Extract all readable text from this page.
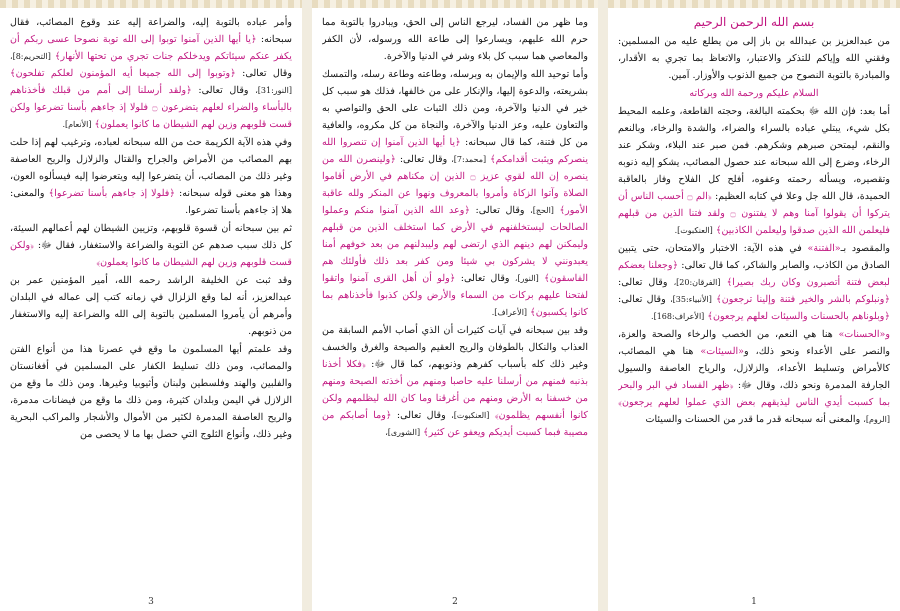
وأمر عباده بالتوبة إليه، والضراعة إليه عند وقوع المصائب، فقال سبحانه: ﴿يا أيها الذين آمنوا توبوا إلى الله توبة نصوحا عسى ربكم أن يكفر عنكم سيئاتكم ويدخلكم جنات تجري من تحتها الأنهار﴾ [التحريم:8]، وقال تعالى: ﴿وتوبوا إلى الله جميعا أيه المؤمنون لعلكم تفلحون﴾ [النور:31]، وقال تعالى: ﴿ولقد أرسلنا إلى أمم من قبلك فأخذناهم بالبأساء والضراء لعلهم يتضرعون ۝ فلولا إذ جاءهم بأسنا تضرعوا ولكن قست قلوبهم وزين لهم الشيطان ما كانوا يعملون﴾ [الأنعام].

وفي هذه الآية الكريمة حث من الله سبحانه لعباده، وترغيب لهم إذا حلت بهم المصائب من الأمراض والجراح والقتال والزلازل والريح العاصفة وغير ذلك من المصائب، أن يتضرعوا إليه ويتعرضوا إليه فيسألوه العون، وهذا هو معنى قوله سبحانه: ﴿فلولا إذ جاءهم بأسنا تضرعوا﴾ والمعنى: هلا إذ جاءهم بأسنا تضرعوا.

ثم بين سبحانه أن قسوة قلوبهم، وتزيين الشيطان لهم أعمالهم السيئة، كل ذلك سبب صدهم عن التوبة والضراعة والاستغفار، فقال ﷻ: ﴿ولكن قست قلوبهم وزين لهم الشيطان ما كانوا يعملون﴾

وقد ثبت عن الخليفة الراشد رحمه الله، أمير المؤمنين عمر بن عبدالعزيز، أنه لما وقع الزلزال في زمانه كتب إلى عماله في البلدان وأمرهم أن يأمروا المسلمين بالتوبة إلى الله والضراعة إليه والاستغفار من ذنوبهم.

وقد علمتم أيها المسلمون ما وقع في عصرنا هذا من أنواع الفتن والمصائب، ومن ذلك تسليط الكفار على المسلمين في أفغانستان والفلبين والهند وفلسطين ولبنان وأثيوبيا وغيرها. ومن ذلك ما وقع من الزلازل في اليمن وبلدان كثيرة، ومن ذلك ما وقع من فيضانات مدمرة، والريح العاصفة المدمرة لكثير من الأموال والأشجار والمراكب البحرية وغير ذلك، وأنواع الثلوج التي حصل بها ما لا يحصى من

3

وما ظهر من الفساد، ليرجع الناس إلى الحق، ويبادروا بالتوبة مما حرم الله عليهم، ويسارعوا إلى طاعة الله ورسوله، لأن الكفر والمعاصي هما سبب كل بلاء وشر في الدنيا والآخرة.

وأما توحيد الله والإيمان به وبرسله، وطاعته وطاعة رسله، والتمسك بشريعته، والدعوة إليها، والإنكار على من خالفها، فذلك هو سبب كل خير في الدنيا والآخرة، ومن ذلك الثبات على الحق والتواصي به والتعاون عليه، وعز الدنيا والآخرة، والنجاة من كل مكروه، والعافية من كل فتنة، كما قال سبحانه: ﴿يا أيها الذين آمنوا إن تنصروا الله ينصركم ويثبت أقدامكم﴾ [محمد:7]، وقال تعالى: ﴿ولينصرن الله من ينصره إن الله لقوي عزيز ۝ الذين إن مكناهم في الأرض أقاموا الصلاة وآتوا الزكاة وأمروا بالمعروف ونهوا عن المنكر ولله عاقبة الأمور﴾ [الحج]، وقال تعالى: ﴿وعد الله الذين آمنوا منكم وعملوا الصالحات ليستخلفنهم في الأرض كما استخلف الذين من قبلهم وليمكنن لهم دينهم الذي ارتضى لهم وليبدلنهم من بعد خوفهم أمنا يعبدونني لا يشركون بي شيئا ومن كفر بعد ذلك فأولئك هم الفاسقون﴾ [النور]، وقال تعالى: ﴿ولو أن أهل القرى آمنوا واتقوا لفتحنا عليهم بركات من السماء والأرض ولكن كذبوا فأخذناهم بما كانوا يكسبون﴾ [الأعراف].

وقد بين سبحانه في آيات كثيرات أن الذي أصاب الأمم السابقة من العذاب والنكال بالطوفان والريح العقيم والصيحة والغرق والخسف وغير ذلك كله بأسباب كفرهم وذنوبهم، كما قال ﷻ: ﴿فكلا أخذنا بذنبه فمنهم من أرسلنا عليه حاصبا ومنهم من أخذته الصيحة ومنهم من خسفنا به الأرض ومنهم من أغرقنا وما كان الله ليظلمهم ولكن كانوا أنفسهم يظلمون﴾ [العنكبوت]، وقال تعالى: ﴿وما أصابكم من مصيبة فبما كسبت أيديكم ويعفو عن كثير﴾ [الشورى]،

2
بسم الله الرحمن الرحيم

من عبدالعزيز بن عبدالله بن باز إلى من يطلع عليه من المسلمين: وفقني الله وإياكم للتذكر والاعتبار، والاتعاظ بما تجري به الأقدار، والمبادرة بالتوبة النصوح من جميع الذنوب والأوزار. آمين.

السلام عليكم ورحمة الله وبركاته

أما بعد: فإن الله ﷻ بحكمته البالغة، وحجته القاطعة، وعلمه المحيط بكل شيء، يبتلي عباده بالسراء والضراء، والشدة والرخاء، وبالنعم والنقم، ليمتحن صبرهم وشكرهم. فمن صبر عند البلاء، وشكر عند الرخاء، وضرع إلى الله سبحانه عند حصول المصائب، يشكو إليه ذنوبه وتقصيره، ويسأله رحمته وعفوه، أفلح كل الفلاح وفاز بالعاقبة الحميدة، قال الله جل وعلا في كتابه العظيم: ﴿الم ۝ أحسب الناس أن يتركوا أن يقولوا آمنا وهم لا يفتنون ۝ ولقد فتنا الذين من قبلهم فليعلمن الله الذين صدقوا وليعلمن الكاذبين﴾ [العنكبوت].

والمقصود بـ«الفتنة» في هذه الآية: الاختبار والامتحان، حتى يتبين الصادق من الكاذب، والصابر والشاكر، كما قال تعالى: ﴿وجعلنا بعضكم لبعض فتنة أتصبرون وكان ربك بصيرا﴾ [الفرقان:20]، وقال تعالى: ﴿ونبلوكم بالشر والخير فتنة وإلينا ترجعون﴾ [الأنبياء:35]، وقال تعالى: ﴿وبلوناهم بالحسنات والسيئات لعلهم يرجعون﴾ [الأعراف:168].

و«الحسنات» هنا هي النعم، من الخصب والرخاء والصحة والعزة، والنصر على الأعداء ونحو ذلك، و«السيئات» هنا هي المصائب، كالأمراض وتسليط الأعداء، والزلازل، والرياح العاصفة والسيول الجارفة المدمرة ونحو ذلك، وقال ﷻ: ﴿ظهر الفساد في البر والبحر بما كسبت أيدي الناس ليذيقهم بعض الذي عملوا لعلهم يرجعون﴾ [الروم]، والمعنى أنه سبحانه قدر ما قدر من الحسنات والسيئات

1
